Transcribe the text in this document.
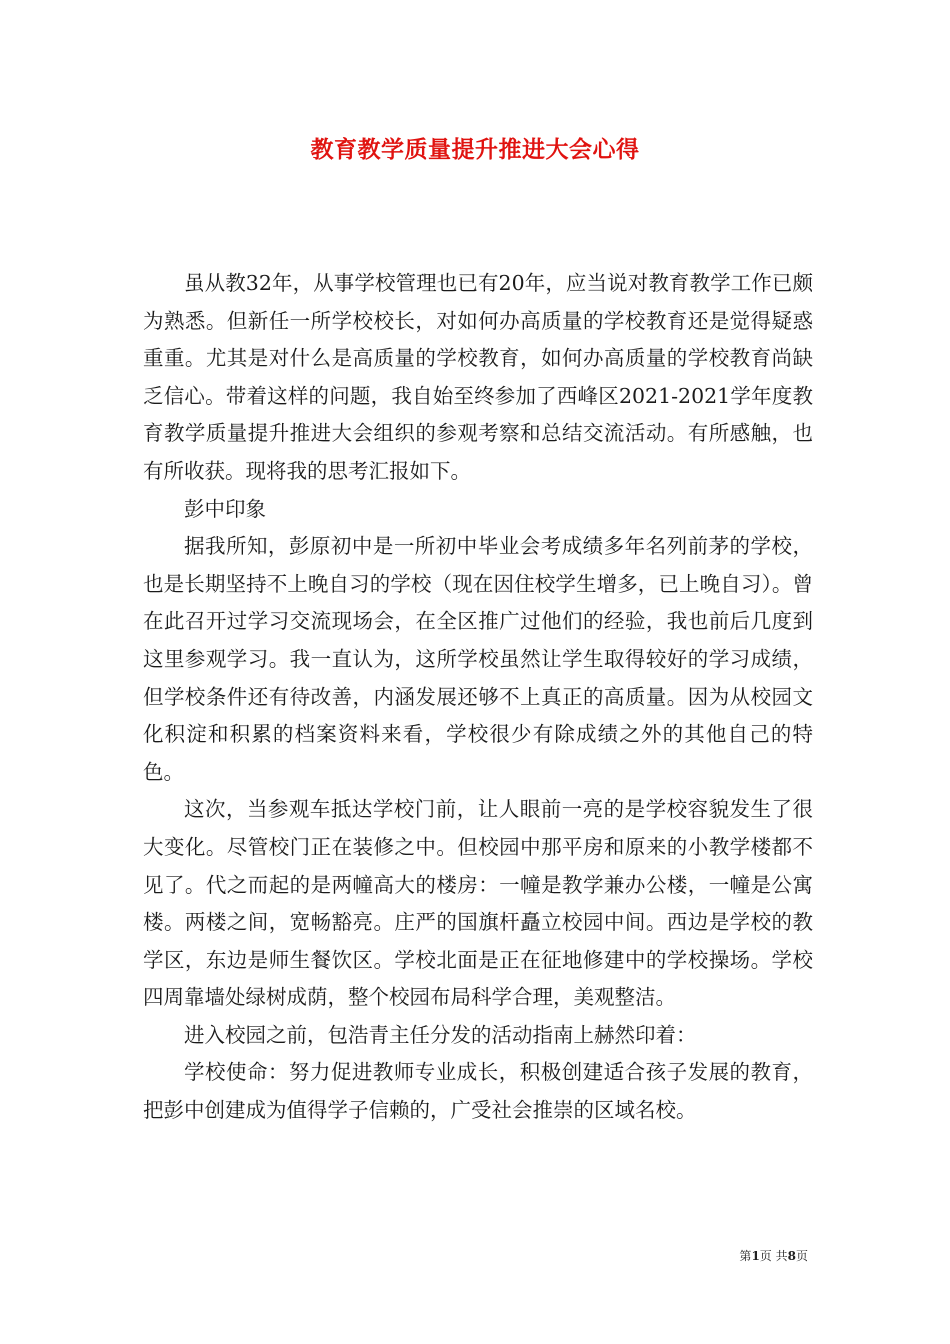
教育教学质量提升推进大会心得

虽从教32年，从事学校管理也已有20年，应当说对教育教学工作已颇为熟悉。但新任一所学校校长，对如何办高质量的学校教育还是觉得疑惑重重。尤其是对什么是高质量的学校教育，如何办高质量的学校教育尚缺乏信心。带着这样的问题，我自始至终参加了西峰区2021-2021学年度教育教学质量提升推进大会组织的参观考察和总结交流活动。有所感触，也有所收获。现将我的思考汇报如下。

彭中印象

据我所知，彭原初中是一所初中毕业会考成绩多年名列前茅的学校，也是长期坚持不上晚自习的学校（现在因住校学生增多，已上晚自习）。曾在此召开过学习交流现场会，在全区推广过他们的经验，我也前后几度到这里参观学习。我一直认为，这所学校虽然让学生取得较好的学习成绩，但学校条件还有待改善，内涵发展还够不上真正的高质量。因为从校园文化积淀和积累的档案资料来看，学校很少有除成绩之外的其他自己的特色。

这次，当参观车抵达学校门前，让人眼前一亮的是学校容貌发生了很大变化。尽管校门正在装修之中。但校园中那平房和原来的小教学楼都不见了。代之而起的是两幢高大的楼房：一幢是教学兼办公楼，一幢是公寓楼。两楼之间，宽畅豁亮。庄严的国旗杆矗立校园中间。西边是学校的教学区，东边是师生餐饮区。学校北面是正在征地修建中的学校操场。学校四周靠墙处绿树成荫，整个校园布局科学合理，美观整洁。

进入校园之前，包浩青主任分发的活动指南上赫然印着：

学校使命：努力促进教师专业成长，积极创建适合孩子发展的教育，把彭中创建成为值得学子信赖的，广受社会推崇的区域名校。

第1页 共8页
